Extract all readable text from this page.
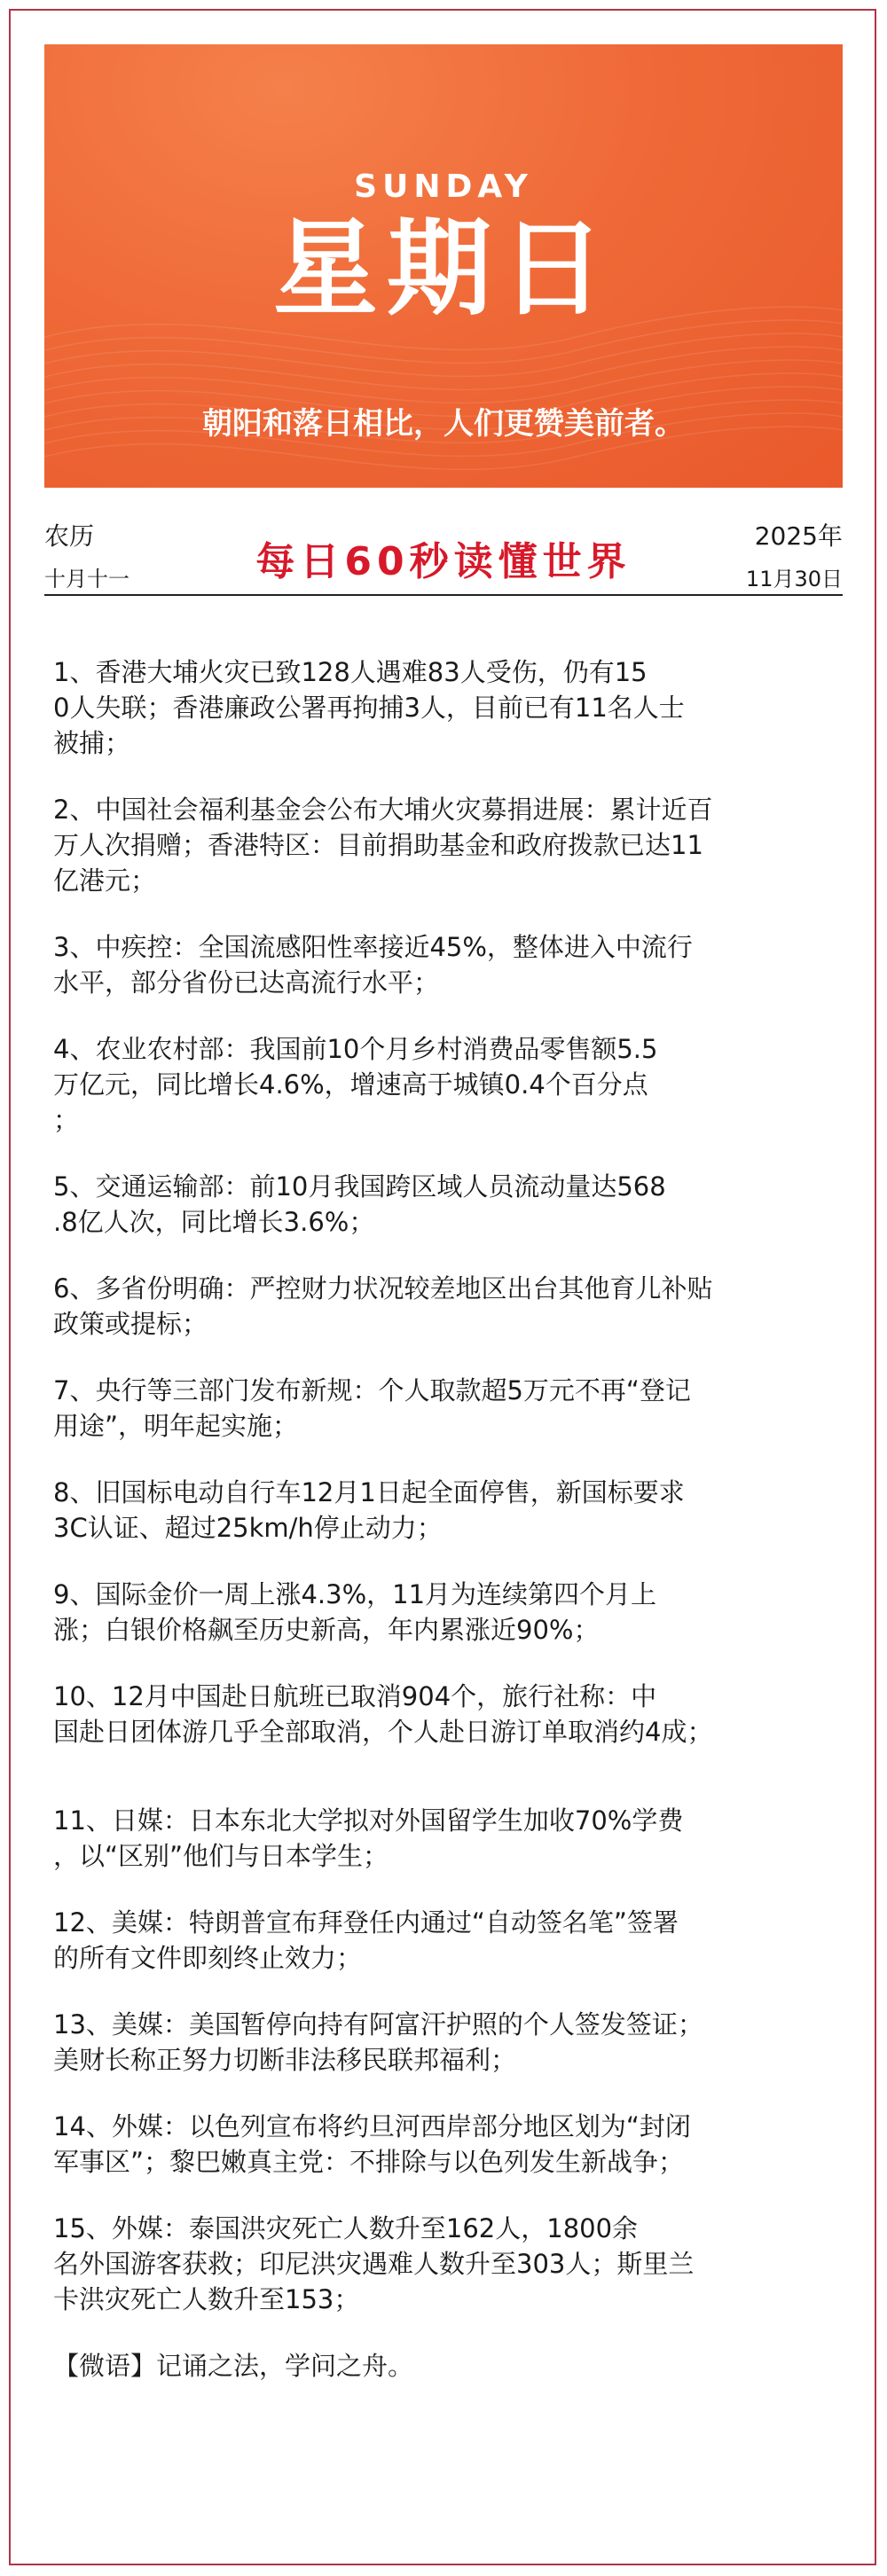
SUNDAY
星期日
朝阳和落日相比，人们更赞美前者。
农历
十月十一	每日60秒读懂世界
2025年
11月30日
1、香港大埔火灾已致128人遇难83人受伤，仍有15
0人失联；香港廉政公署再拘捕3人，目前已有11名人士
被捕；
2、中国社会福利基金会公布大埔火灾募捐进展：累计近百
万人次捐赠；香港特区：目前捐助基金和政府拨款已达11
亿港元；
3、中疾控：全国流感阳性率接近45%，整体进入中流行
水平，部分省份已达高流行水平；
4、农业农村部：我国前10个月乡村消费品零售额5.5
万亿元，同比增长4.6%，增速高于城镇0.4个百分点
；
5、交通运输部：前10月我国跨区域人员流动量达568
.8亿人次，同比增长3.6%；
6、多省份明确：严控财力状况较差地区出台其他育儿补贴
政策或提标；
7、央行等三部门发布新规：个人取款超5万元不再“登记
用途”，明年起实施；
8、旧国标电动自行车12月1日起全面停售，新国标要求
3C认证、超过25km/h停止动力；
9、国际金价一周上涨4.3%，11月为连续第四个月上
涨；白银价格飙至历史新高，年内累涨近90%；
10、12月中国赴日航班已取消904个，旅行社称：中
国赴日团体游几乎全部取消，个人赴日游订单取消约4成；
11、日媒：日本东北大学拟对外国留学生加收70%学费
，以“区别”他们与日本学生；
12、美媒：特朗普宣布拜登任内通过“自动签名笔”签署
的所有文件即刻终止效力；
13、美媒：美国暂停向持有阿富汗护照的个人签发签证；
美财长称正努力切断非法移民联邦福利；
14、外媒：以色列宣布将约旦河西岸部分地区划为“封闭
军事区”；黎巴嫩真主党：不排除与以色列发生新战争；
15、外媒：泰国洪灾死亡人数升至162人，1800余
名外国游客获救；印尼洪灾遇难人数升至303人；斯里兰
卡洪灾死亡人数升至153；
【微语】记诵之法，学问之舟。
